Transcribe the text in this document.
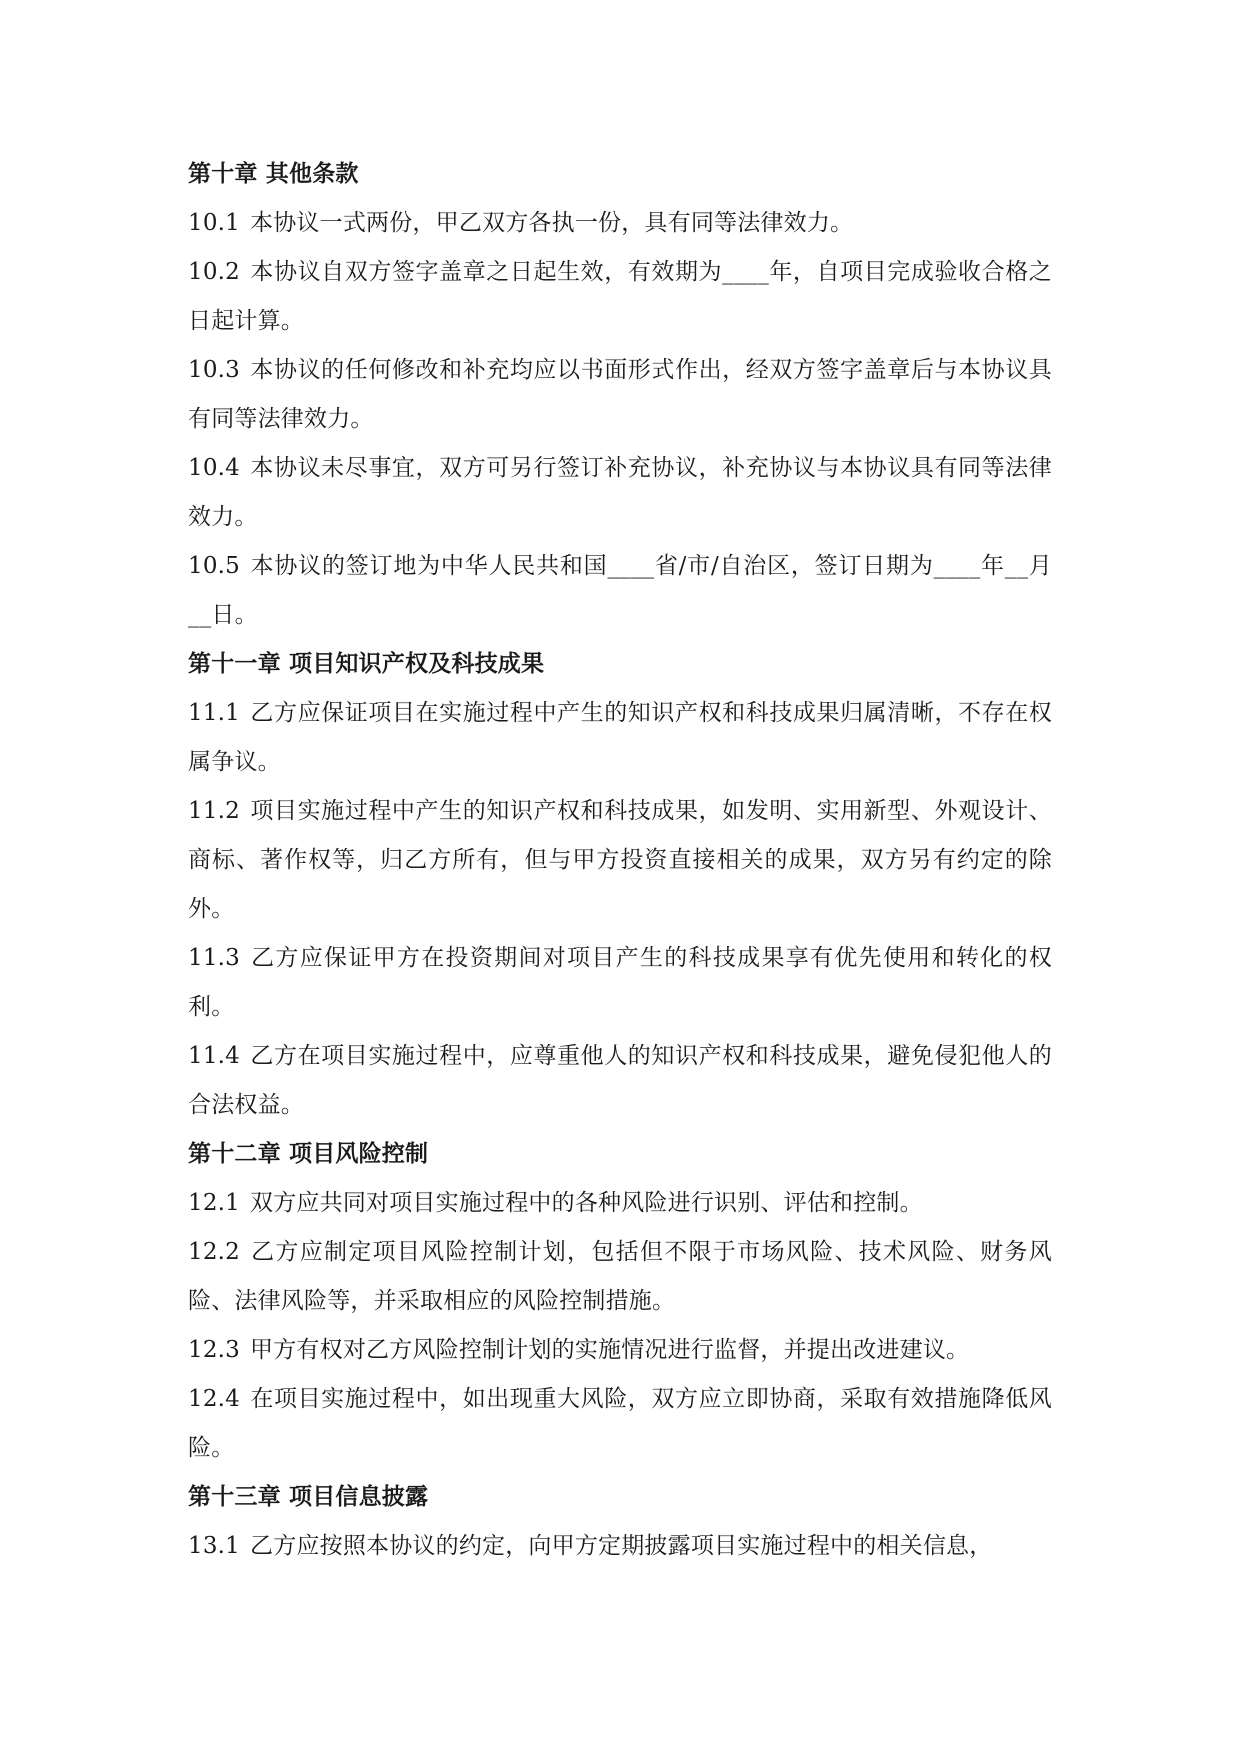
第十章 其他条款

10.1 本协议一式两份，甲乙双方各执一份，具有同等法律效力。

10.2 本协议自双方签字盖章之日起生效，有效期为____年，自项目完成验收合格之日起计算。

10.3 本协议的任何修改和补充均应以书面形式作出，经双方签字盖章后与本协议具有同等法律效力。

10.4 本协议未尽事宜，双方可另行签订补充协议，补充协议与本协议具有同等法律效力。

10.5 本协议的签订地为中华人民共和国____省/市/自治区，签订日期为____年__月__日。

第十一章 项目知识产权及科技成果

11.1 乙方应保证项目在实施过程中产生的知识产权和科技成果归属清晰，不存在权属争议。

11.2 项目实施过程中产生的知识产权和科技成果，如发明、实用新型、外观设计、商标、著作权等，归乙方所有，但与甲方投资直接相关的成果，双方另有约定的除外。

11.3 乙方应保证甲方在投资期间对项目产生的科技成果享有优先使用和转化的权利。

11.4 乙方在项目实施过程中，应尊重他人的知识产权和科技成果，避免侵犯他人的合法权益。

第十二章 项目风险控制

12.1 双方应共同对项目实施过程中的各种风险进行识别、评估和控制。

12.2 乙方应制定项目风险控制计划，包括但不限于市场风险、技术风险、财务风险、法律风险等，并采取相应的风险控制措施。

12.3 甲方有权对乙方风险控制计划的实施情况进行监督，并提出改进建议。

12.4 在项目实施过程中，如出现重大风险，双方应立即协商，采取有效措施降低风险。

第十三章 项目信息披露

13.1 乙方应按照本协议的约定，向甲方定期披露项目实施过程中的相关信息，
